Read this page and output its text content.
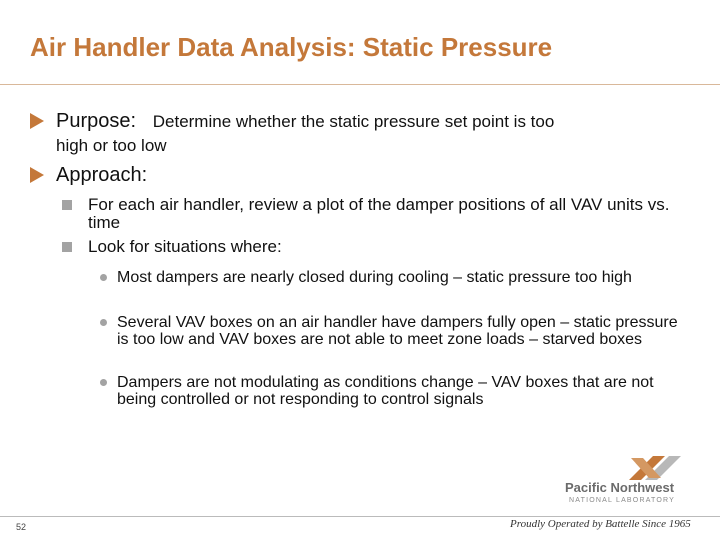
Air Handler Data Analysis: Static Pressure
Purpose: Determine whether the static pressure set point is too
high or too low
Approach:
For each air handler, review a plot of the damper positions of all VAV units vs. time
Look for situations where:
Most dampers are nearly closed during cooling – static pressure too high
Several VAV boxes on an air handler have dampers fully open – static pressure is too low and VAV boxes are not able to meet zone loads – starved boxes
Dampers are not modulating as conditions change – VAV boxes that are not being controlled or not responding to control signals
52
Pacific Northwest
NATIONAL LABORATORY
Proudly Operated by Battelle Since 1965
